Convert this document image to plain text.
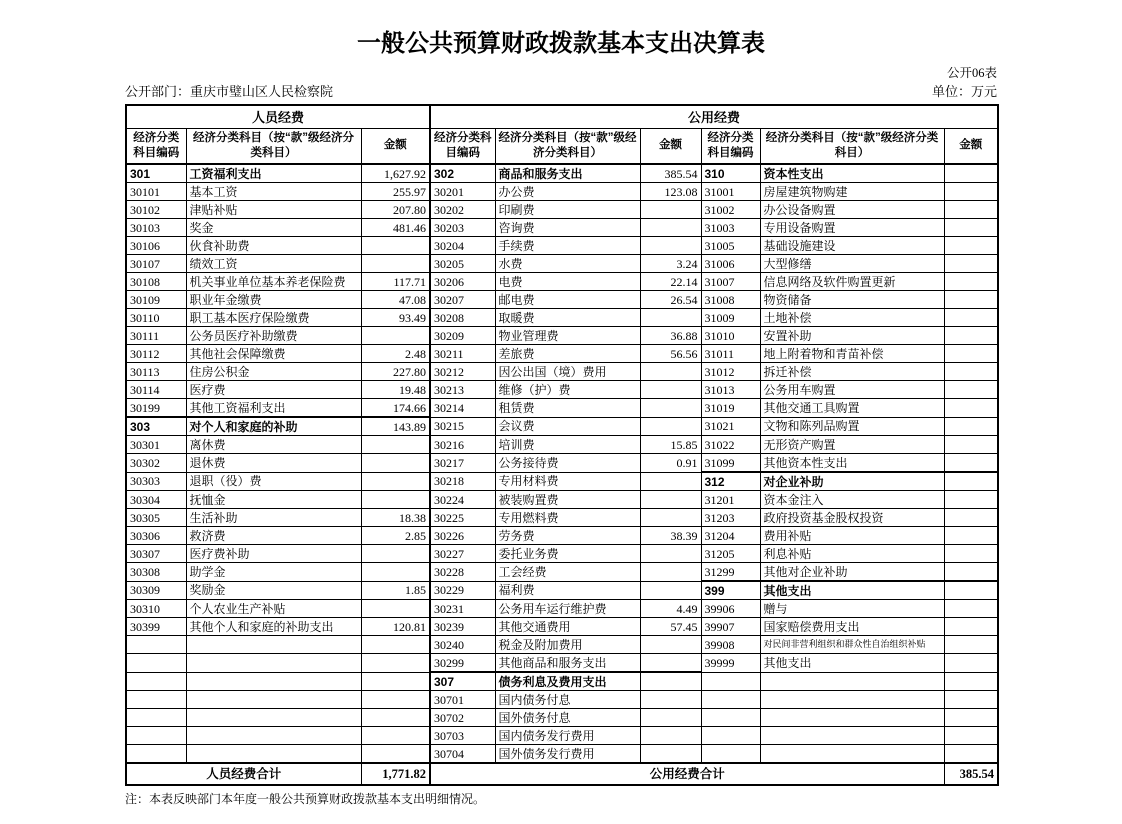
一般公共预算财政拨款基本支出决算表
公开06表
公开部门：重庆市璧山区人民检察院	单位：万元
人员经费			公用经费					
经济分类科目编码	经济分类科目（按“款”级经济分类科目）	金额	经济分类科目编码	经济分类科目（按“款”级经济分类科目）	金额	经济分类科目编码	经济分类科目（按“款”级经济分类科目）	金额
301	工资福利支出	1,627.92	302	商品和服务支出	385.54	310	资本性支出	
30101	基本工资	255.97	30201	办公费	123.08	31001	房屋建筑物购建	
30102	津贴补贴	207.80	30202	印刷费		31002	办公设备购置	
30103	奖金	481.46	30203	咨询费		31003	专用设备购置	
30106	伙食补助费		30204	手续费		31005	基础设施建设	
30107	绩效工资		30205	水费	3.24	31006	大型修缮	
30108	机关事业单位基本养老保险费	117.71	30206	电费	22.14	31007	信息网络及软件购置更新	
30109	职业年金缴费	47.08	30207	邮电费	26.54	31008	物资储备	
30110	职工基本医疗保险缴费	93.49	30208	取暖费		31009	土地补偿	
30111	公务员医疗补助缴费		30209	物业管理费	36.88	31010	安置补助	
30112	其他社会保障缴费	2.48	30211	差旅费	56.56	31011	地上附着物和青苗补偿	
30113	住房公积金	227.80	30212	因公出国（境）费用		31012	拆迁补偿	
30114	医疗费	19.48	30213	维修（护）费		31013	公务用车购置	
30199	其他工资福利支出	174.66	30214	租赁费		31019	其他交通工具购置	
303	对个人和家庭的补助	143.89	30215	会议费		31021	文物和陈列品购置	
30301	离休费		30216	培训费	15.85	31022	无形资产购置	
30302	退休费		30217	公务接待费	0.91	31099	其他资本性支出	
30303	退职（役）费		30218	专用材料费		312	对企业补助	
30304	抚恤金		30224	被装购置费		31201	资本金注入	
30305	生活补助	18.38	30225	专用燃料费		31203	政府投资基金股权投资	
30306	救济费	2.85	30226	劳务费	38.39	31204	费用补贴	
30307	医疗费补助		30227	委托业务费		31205	利息补贴	
30308	助学金		30228	工会经费		31299	其他对企业补助	
30309	奖励金	1.85	30229	福利费		399	其他支出	
30310	个人农业生产补贴		30231	公务用车运行维护费	4.49	39906	赠与	
30399	其他个人和家庭的补助支出	120.81	30239	其他交通费用	57.45	39907	国家赔偿费用支出	
			30240	税金及附加费用		39908	对民间非营利组织和群众性自治组织补贴	
			30299	其他商品和服务支出		39999	其他支出	
			307	债务利息及费用支出				
			30701	国内债务付息				
			30702	国外债务付息				
			30703	国内债务发行费用				
			30704	国外债务发行费用				
人员经费合计		1,771.82	公用经费合计					385.54
注：本表反映部门本年度一般公共预算财政拨款基本支出明细情况。
